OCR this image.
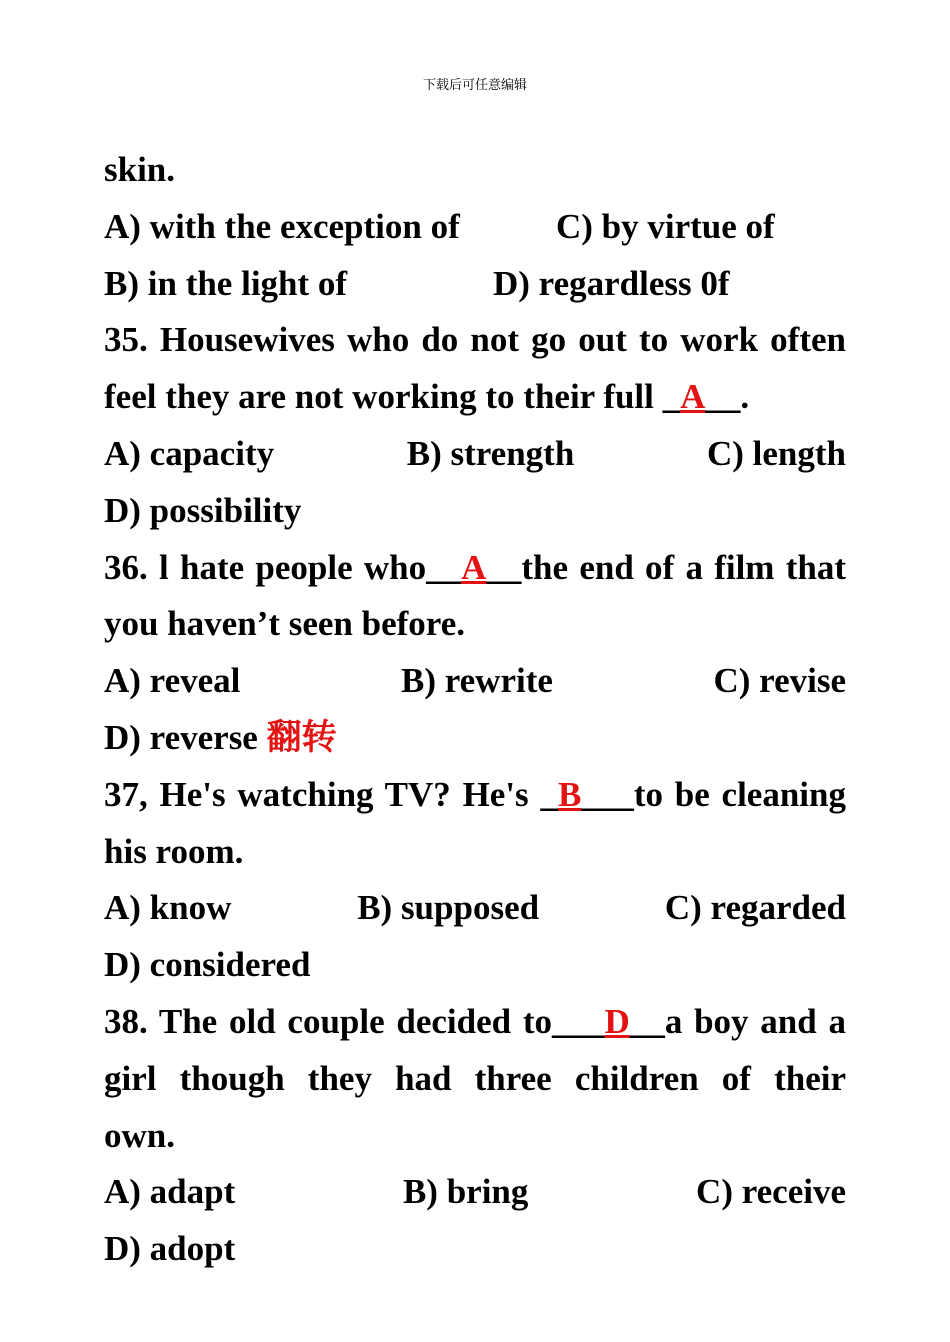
下载后可任意编辑
skin.
A) with the exception of	C) by virtue of
B) in the light of	D) regardless 0f
35. Housewives who do not go out to work often
feel they are not working to their full _A__.
A) capacity	B) strength	C) length
D) possibility
36. l hate people who__A__the end of a film that
you haven’t seen before.
A) reveal	B) rewrite	C) revise
D) reverse 翻转
37, He's watching TV? He's _B___to be cleaning
his room.
A) know	B) supposed	C) regarded
D) considered
38. The old couple decided to___D__a boy and a
girl though they had three children of their
own.
A) adapt	B) bring	C) receive
D) adopt
